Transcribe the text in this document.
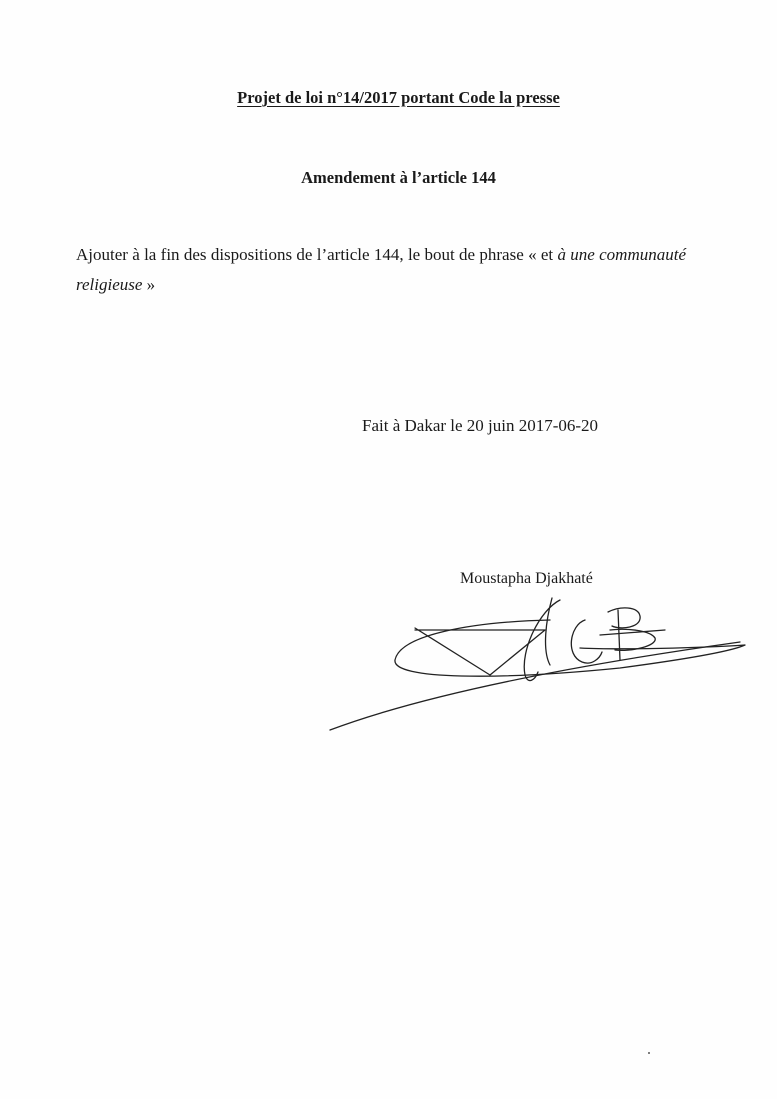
Projet de loi n°14/2017 portant Code la presse
Amendement à l’article 144
Ajouter à la fin des dispositions de l’article 144, le bout de phrase « et à une communauté religieuse »
Fait à Dakar le 20 juin 2017-06-20
Moustapha Djakhaté
